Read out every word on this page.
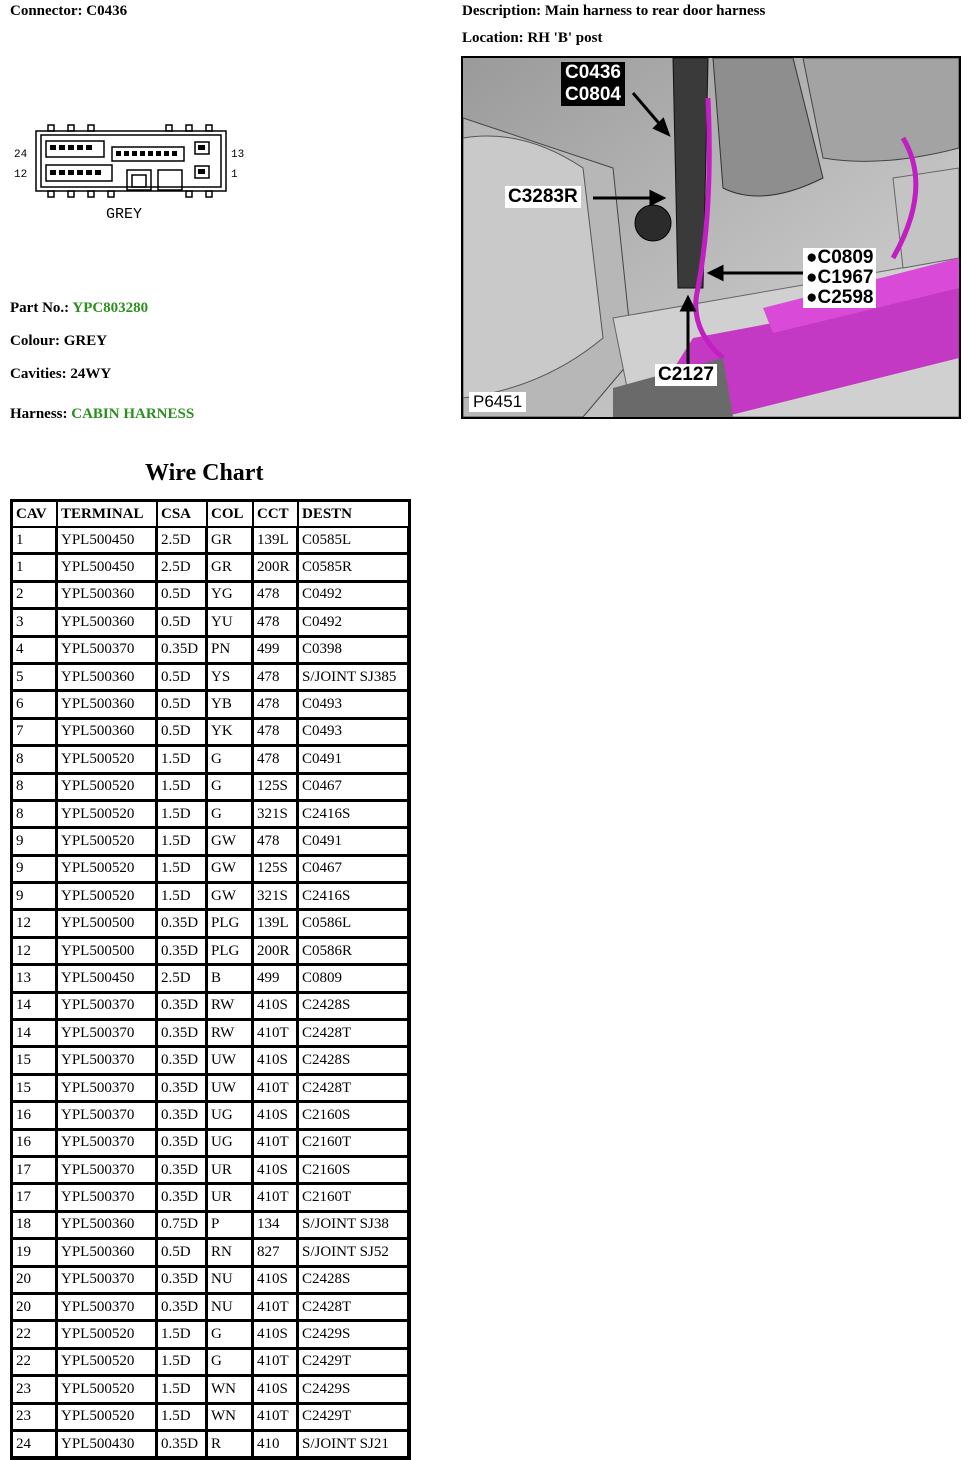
Connector: C0436	Description: Main harness to rear door harness
Location: RH 'B' post
24
12
13
1
GREY
Part No.: YPC803280
Colour: GREY
Cavities: 24WY
Harness: CABIN HARNESS
C0436
C0804
C3283R
●C0809
●C1967
●C2598
C2127
P6451
Wire Chart
CAV	TERMINAL	CSA	COL	CCT	DESTN
1	YPL500450	2.5D	GR	139L	C0585L
1	YPL500450	2.5D	GR	200R	C0585R
2	YPL500360	0.5D	YG	478	C0492
3	YPL500360	0.5D	YU	478	C0492
4	YPL500370	0.35D	PN	499	C0398
5	YPL500360	0.5D	YS	478	S/JOINT SJ385
6	YPL500360	0.5D	YB	478	C0493
7	YPL500360	0.5D	YK	478	C0493
8	YPL500520	1.5D	G	478	C0491
8	YPL500520	1.5D	G	125S	C0467
8	YPL500520	1.5D	G	321S	C2416S
9	YPL500520	1.5D	GW	478	C0491
9	YPL500520	1.5D	GW	125S	C0467
9	YPL500520	1.5D	GW	321S	C2416S
12	YPL500500	0.35D	PLG	139L	C0586L
12	YPL500500	0.35D	PLG	200R	C0586R
13	YPL500450	2.5D	B	499	C0809
14	YPL500370	0.35D	RW	410S	C2428S
14	YPL500370	0.35D	RW	410T	C2428T
15	YPL500370	0.35D	UW	410S	C2428S
15	YPL500370	0.35D	UW	410T	C2428T
16	YPL500370	0.35D	UG	410S	C2160S
16	YPL500370	0.35D	UG	410T	C2160T
17	YPL500370	0.35D	UR	410S	C2160S
17	YPL500370	0.35D	UR	410T	C2160T
18	YPL500360	0.75D	P	134	S/JOINT SJ38
19	YPL500360	0.5D	RN	827	S/JOINT SJ52
20	YPL500370	0.35D	NU	410S	C2428S
20	YPL500370	0.35D	NU	410T	C2428T
22	YPL500520	1.5D	G	410S	C2429S
22	YPL500520	1.5D	G	410T	C2429T
23	YPL500520	1.5D	WN	410S	C2429S
23	YPL500520	1.5D	WN	410T	C2429T
24	YPL500430	0.35D	R	410	S/JOINT SJ21
